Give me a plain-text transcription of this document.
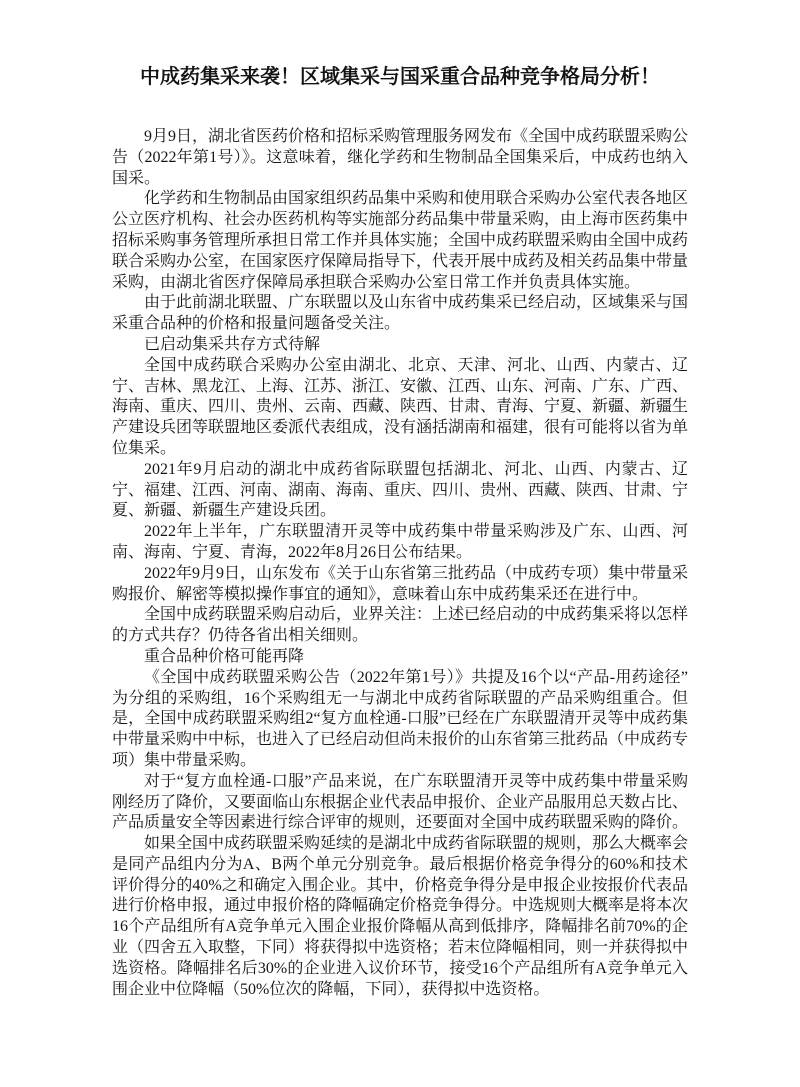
中成药集采来袭！区域集采与国采重合品种竞争格局分析！

9月9日，湖北省医药价格和招标采购管理服务网发布《全国中成药联盟采购公告（2022年第1号）》。这意味着，继化学药和生物制品全国集采后，中成药也纳入国采。

化学药和生物制品由国家组织药品集中采购和使用联合采购办公室代表各地区公立医疗机构、社会办医药机构等实施部分药品集中带量采购，由上海市医药集中招标采购事务管理所承担日常工作并具体实施；全国中成药联盟采购由全国中成药联合采购办公室，在国家医疗保障局指导下，代表开展中成药及相关药品集中带量采购，由湖北省医疗保障局承担联合采购办公室日常工作并负责具体实施。

由于此前湖北联盟、广东联盟以及山东省中成药集采已经启动，区域集采与国采重合品种的价格和报量问题备受关注。

已启动集采共存方式待解

全国中成药联合采购办公室由湖北、北京、天津、河北、山西、内蒙古、辽宁、吉林、黑龙江、上海、江苏、浙江、安徽、江西、山东、河南、广东、广西、海南、重庆、四川、贵州、云南、西藏、陕西、甘肃、青海、宁夏、新疆、新疆生产建设兵团等联盟地区委派代表组成，没有涵括湖南和福建，很有可能将以省为单位集采。

2021年9月启动的湖北中成药省际联盟包括湖北、河北、山西、内蒙古、辽宁、福建、江西、河南、湖南、海南、重庆、四川、贵州、西藏、陕西、甘肃、宁夏、新疆、新疆生产建设兵团。

2022年上半年，广东联盟清开灵等中成药集中带量采购涉及广东、山西、河南、海南、宁夏、青海，2022年8月26日公布结果。

2022年9月9日，山东发布《关于山东省第三批药品（中成药专项）集中带量采购报价、解密等模拟操作事宜的通知》，意味着山东中成药集采还在进行中。

全国中成药联盟采购启动后，业界关注：上述已经启动的中成药集采将以怎样的方式共存？仍待各省出相关细则。

重合品种价格可能再降

《全国中成药联盟采购公告（2022年第1号）》共提及16个以“产品-用药途径”为分组的采购组，16个采购组无一与湖北中成药省际联盟的产品采购组重合。但是，全国中成药联盟采购组2“复方血栓通-口服”已经在广东联盟清开灵等中成药集中带量采购中中标，也进入了已经启动但尚未报价的山东省第三批药品（中成药专项）集中带量采购。

对于“复方血栓通-口服”产品来说，在广东联盟清开灵等中成药集中带量采购刚经历了降价，又要面临山东根据企业代表品申报价、企业产品服用总天数占比、产品质量安全等因素进行综合评审的规则，还要面对全国中成药联盟采购的降价。

如果全国中成药联盟采购延续的是湖北中成药省际联盟的规则，那么大概率会是同产品组内分为A、B两个单元分别竞争。最后根据价格竞争得分的60%和技术评价得分的40%之和确定入围企业。其中，价格竞争得分是申报企业按报价代表品进行价格申报，通过申报价格的降幅确定价格竞争得分。中选规则大概率是将本次16个产品组所有A竞争单元入围企业报价降幅从高到低排序，降幅排名前70%的企业（四舍五入取整，下同）将获得拟中选资格；若末位降幅相同，则一并获得拟中选资格。降幅排名后30%的企业进入议价环节，接受16个产品组所有A竞争单元入围企业中位降幅（50%位次的降幅，下同），获得拟中选资格。
